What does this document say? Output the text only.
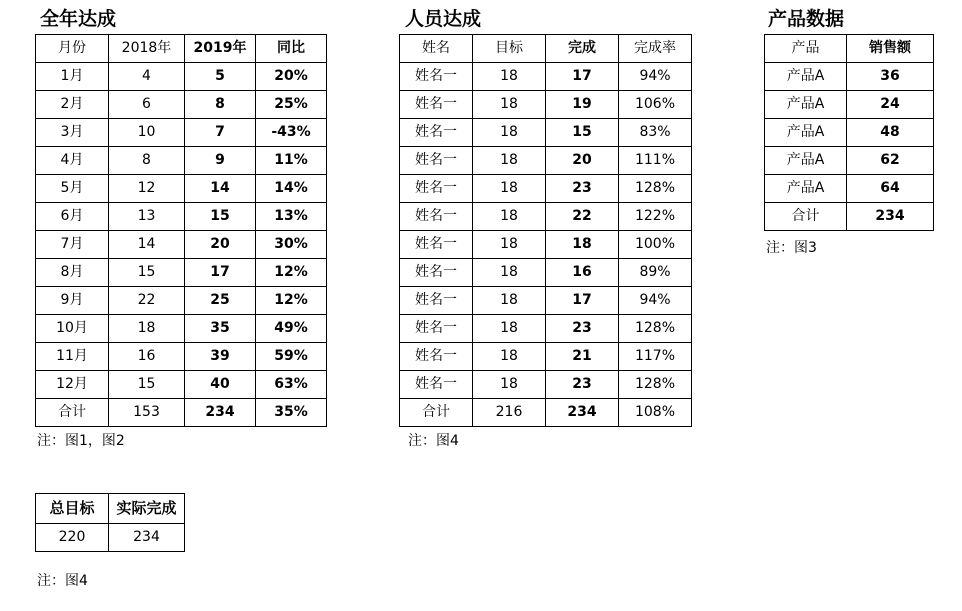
全年达成
月份	2018年	2019年	同比
1月	4	5	20%
2月	6	8	25%
3月	10	7	-43%
4月	8	9	11%
5月	12	14	14%
6月	13	15	13%
7月	14	20	30%
8月	15	17	12%
9月	22	25	12%
10月	18	35	49%
11月	16	39	59%
12月	15	40	63%
合计	153	234	35%
注：图1，图2
人员达成
姓名	目标	完成	完成率
姓名一	18	17	94%
姓名一	18	19	106%
姓名一	18	15	83%
姓名一	18	20	111%
姓名一	18	23	128%
姓名一	18	22	122%
姓名一	18	18	100%
姓名一	18	16	89%
姓名一	18	17	94%
姓名一	18	23	128%
姓名一	18	21	117%
姓名一	18	23	128%
合计	216	234	108%
注：图4
产品数据
产品	销售额
产品A	36
产品A	24
产品A	48
产品A	62
产品A	64
合计	234
注：图3
总目标	实际完成
220	234
注：图4
